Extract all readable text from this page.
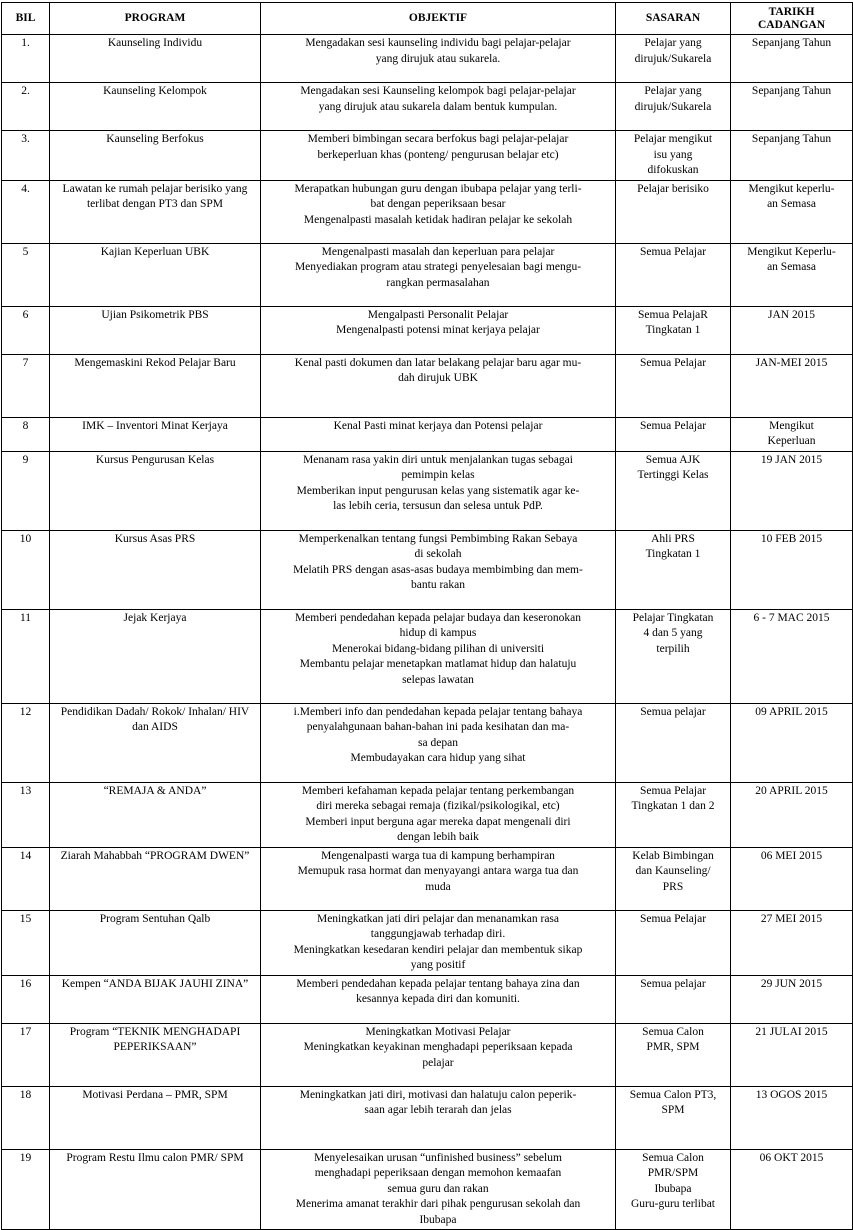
BIL	PROGRAM	OBJEKTIF	SASARAN	TARIKH CADANGAN
1.	Kaunseling Individu	Mengadakan sesi kaunseling individu bagi pelajar-pelajar
yang dirujuk atau sukarela.	Pelajar yang
dirujuk/Sukarela	Sepanjang Tahun

2.	Kaunseling Kelompok	Mengadakan sesi Kaunseling kelompok bagi pelajar-pelajar
yang dirujuk atau sukarela dalam bentuk kumpulan.	Pelajar yang
dirujuk/Sukarela	Sepanjang Tahun

3.	Kaunseling Berfokus	Memberi bimbingan secara berfokus bagi pelajar-pelajar
berkeperluan khas (ponteng/ pengurusan belajar etc)	Pelajar mengikut
isu yang
difokuskan	Sepanjang Tahun

4.	Lawatan ke rumah pelajar berisiko yang terlibat dengan PT3 dan SPM	Merapatkan hubungan guru dengan ibubapa pelajar yang terli-
bat dengan peperiksaan besar
Mengenalpasti masalah ketidak hadiran pelajar ke sekolah	Pelajar berisiko	Mengikut keperlu-
an Semasa

5	Kajian Keperluan UBK	Mengenalpasti masalah dan keperluan para pelajar
Menyediakan program atau strategi penyelesaian bagi mengu-
rangkan permasalahan	Semua Pelajar	Mengikut Keperlu-
an Semasa

6	Ujian Psikometrik PBS	Mengalpasti Personalit Pelajar
Mengenalpasti potensi minat kerjaya pelajar	Semua PelajaR
Tingkatan 1	JAN 2015

7	Mengemaskini Rekod Pelajar Baru	Kenal pasti dokumen dan latar belakang pelajar baru agar mu-
dah dirujuk UBK	Semua Pelajar	JAN-MEI 2015

8	IMK – Inventori Minat Kerjaya	Kenal Pasti minat kerjaya dan Potensi pelajar	Semua Pelajar	Mengikut
Keperluan

9	Kursus Pengurusan Kelas	Menanam rasa yakin diri untuk menjalankan tugas sebagai
pemimpin kelas
Memberikan input pengurusan kelas yang sistematik agar ke-
las lebih ceria, tersusun dan selesa untuk PdP.	Semua AJK
Tertinggi Kelas	19 JAN 2015

10	Kursus Asas PRS	Memperkenalkan tentang fungsi Pembimbing Rakan Sebaya
di sekolah
Melatih PRS dengan asas-asas budaya membimbing dan mem-
bantu rakan	Ahli PRS
Tingkatan 1	10 FEB 2015

11	Jejak Kerjaya	Memberi pendedahan kepada pelajar budaya dan keseronokan
hidup di kampus
Menerokai bidang-bidang pilihan di universiti
Membantu pelajar menetapkan matlamat hidup dan halatuju
selepas lawatan	Pelajar Tingkatan
4 dan 5 yang
terpilih	6 - 7 MAC 2015

12	Pendidikan Dadah/ Rokok/ Inhalan/ HIV dan AIDS	i.Memberi info dan pendedahan kepada pelajar tentang bahaya
penyalahgunaan bahan-bahan ini pada kesihatan dan ma-
sa depan
Membudayakan cara hidup yang sihat	Semua pelajar	09 APRIL 2015

13	“REMAJA & ANDA”	Memberi kefahaman kepada pelajar tentang perkembangan
diri mereka sebagai remaja (fizikal/psikologikal, etc)
Memberi input berguna agar mereka dapat mengenali diri
dengan lebih baik	Semua Pelajar
Tingkatan 1 dan 2	20 APRIL 2015

14	Ziarah Mahabbah “PROGRAM DWEN”	Mengenalpasti warga tua di kampung berhampiran
Memupuk rasa hormat dan menyayangi antara warga tua dan
muda	Kelab Bimbingan
dan Kaunseling/
PRS	06 MEI 2015

15	Program Sentuhan Qalb	Meningkatkan jati diri pelajar dan menanamkan rasa
tanggungjawab terhadap diri.
Meningkatkan kesedaran kendiri pelajar dan membentuk sikap
yang positif	Semua Pelajar	27 MEI 2015

16	Kempen “ANDA BIJAK JAUHI ZINA”	Memberi pendedahan kepada pelajar tentang bahaya zina dan
kesannya kepada diri dan komuniti.	Semua pelajar	29 JUN 2015

17	Program “TEKNIK MENGHADAPI PEPERIKSAAN”	Meningkatkan Motivasi Pelajar
Meningkatkan keyakinan menghadapi peperiksaan kepada
pelajar	Semua Calon
PMR, SPM	21 JULAI 2015

18	Motivasi Perdana – PMR, SPM	Meningkatkan jati diri, motivasi dan halatuju calon peperik-
saan agar lebih terarah dan jelas	Semua Calon PT3,
SPM	13 OGOS 2015

19	Program Restu Ilmu calon PMR/ SPM	Menyelesaikan urusan “unfinished business” sebelum
menghadapi peperiksaan dengan memohon kemaafan
semua guru dan rakan
Menerima amanat terakhir dari pihak pengurusan sekolah dan
Ibubapa	Semua Calon
PMR/SPM
Ibubapa
Guru-guru terlibat	06 OKT 2015
